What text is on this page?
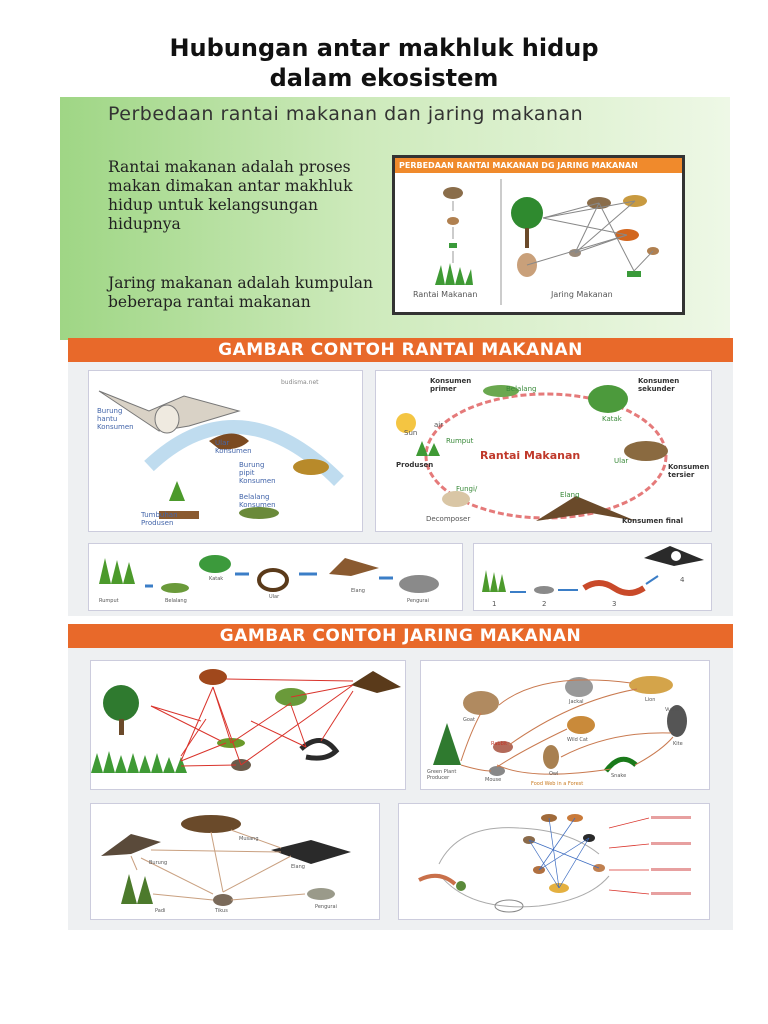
Hubungan antar makhluk hidup
dalam ekosistem
Perbedaan rantai makanan dan jaring makanan
Rantai makanan adalah proses makan dimakan antar makhluk hidup untuk kelangsungan hidupnya
Jaring makanan adalah kumpulan beberapa rantai makanan
PERBEDAAN RANTAI MAKANAN DG JARING MAKANAN
Rantai Makanan	Jaring Makanan
GAMBAR CONTOH RANTAI MAKANAN
budisma.net
Burung hantu Konsumen
Ular Konsumen
Burung pipit Konsumen
Belalang Konsumen
Tumbuhan Produsen
Konsumen primer	Belalang
Konsumen sekunder
Katak
Sun
air
Rumput
Produsen
Rantai Makanan	Ular
Konsumen tersier
Fungi/
Elang
Decomposer	Konsumen final
Rumput	Belalang
Katak
Ular
Elang
Pengurai	1	2	3
4
GAMBAR CONTOH JARING MAKANAN
Goat
Jackal	Lion
Wild Cat
Rabbit
Vulture
Green Plant Producer	Mouse
Owl	Snake
Kite
Food Web in a Forest
Burung
Musang
Elang
Padi	Tikus
Pengurai
